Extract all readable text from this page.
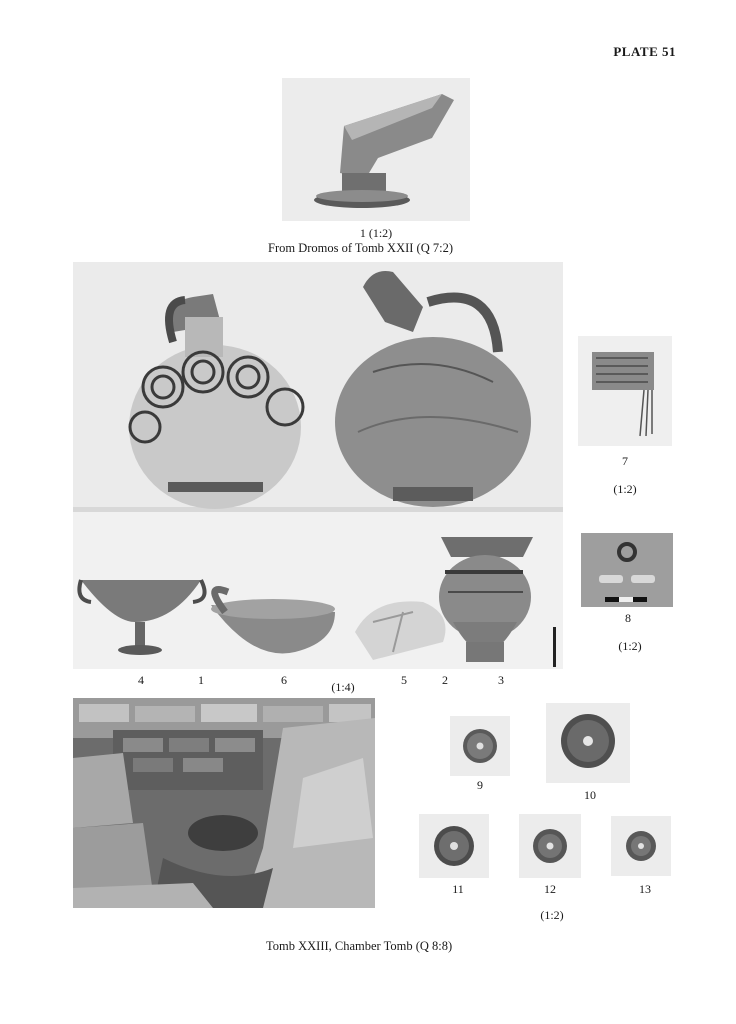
PLATE 51
1 (1:2)
From Dromos of Tomb XXII (Q 7:2)
4	1	6	(1:4)	5	2	3
7
(1:2)
8
(1:2)
9
10
11	12	13
(1:2)
Tomb XXIII, Chamber Tomb (Q 8:8)
